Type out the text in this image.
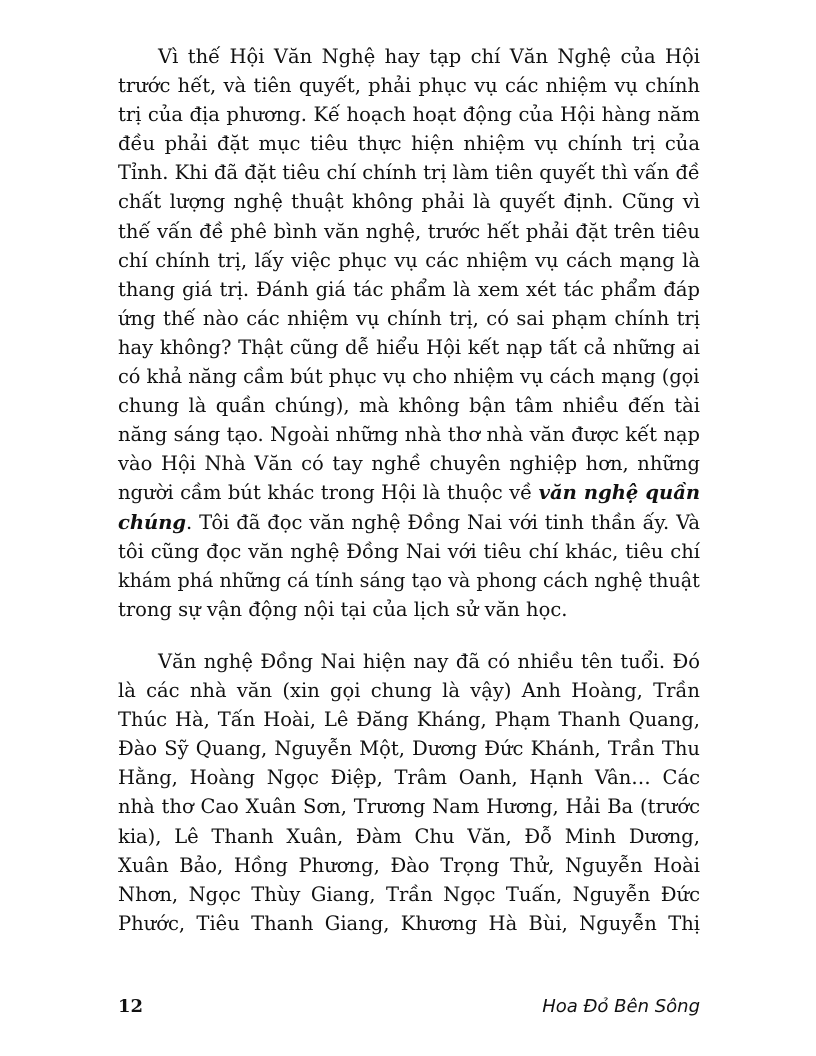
Vì thế Hội Văn Nghệ hay tạp chí Văn Nghệ của Hội
trước hết, và tiên quyết, phải phục vụ các nhiệm vụ chính
trị của địa phương. Kế hoạch hoạt động của Hội hàng năm
đều phải đặt mục tiêu thực hiện nhiệm vụ chính trị của
Tỉnh. Khi đã đặt tiêu chí chính trị làm tiên quyết thì vấn đề
chất lượng nghệ thuật không phải là quyết định. Cũng vì
thế vấn đề phê bình văn nghệ, trước hết phải đặt trên tiêu
chí chính trị, lấy việc phục vụ các nhiệm vụ cách mạng là
thang giá trị. Đánh giá tác phẩm là xem xét tác phẩm đáp
ứng thế nào các nhiệm vụ chính trị, có sai phạm chính trị
hay không? Thật cũng dễ hiểu Hội kết nạp tất cả những ai
có khả năng cầm bút phục vụ cho nhiệm vụ cách mạng (gọi
chung là quần chúng), mà không bận tâm nhiều đến tài
năng sáng tạo. Ngoài những nhà thơ nhà văn được kết nạp
vào Hội Nhà Văn có tay nghề chuyên nghiệp hơn, những
người cầm bút khác trong Hội là thuộc về văn nghệ quần
chúng. Tôi đã đọc văn nghệ Đồng Nai với tinh thần ấy. Và
tôi cũng đọc văn nghệ Đồng Nai với tiêu chí khác, tiêu chí
khám phá những cá tính sáng tạo và phong cách nghệ thuật
trong sự vận động nội tại của lịch sử văn học.
Văn nghệ Đồng Nai hiện nay đã có nhiều tên tuổi. Đó
là các nhà văn (xin gọi chung là vậy) Anh Hoàng, Trần
Thúc Hà, Tấn Hoài, Lê Đăng Kháng, Phạm Thanh Quang,
Đào Sỹ Quang, Nguyễn Một, Dương Đức Khánh, Trần Thu
Hằng, Hoàng Ngọc Điệp, Trâm Oanh, Hạnh Vân… Các
nhà thơ Cao Xuân Sơn, Trương Nam Hương, Hải Ba (trước
kia), Lê Thanh Xuân, Đàm Chu Văn, Đỗ Minh Dương,
Xuân Bảo, Hồng Phương, Đào Trọng Thử, Nguyễn Hoài
Nhơn, Ngọc Thùy Giang, Trần Ngọc Tuấn, Nguyễn Đức
Phước, Tiêu Thanh Giang, Khương Hà Bùi, Nguyễn Thị
12	Hoa Đỏ Bên Sông
